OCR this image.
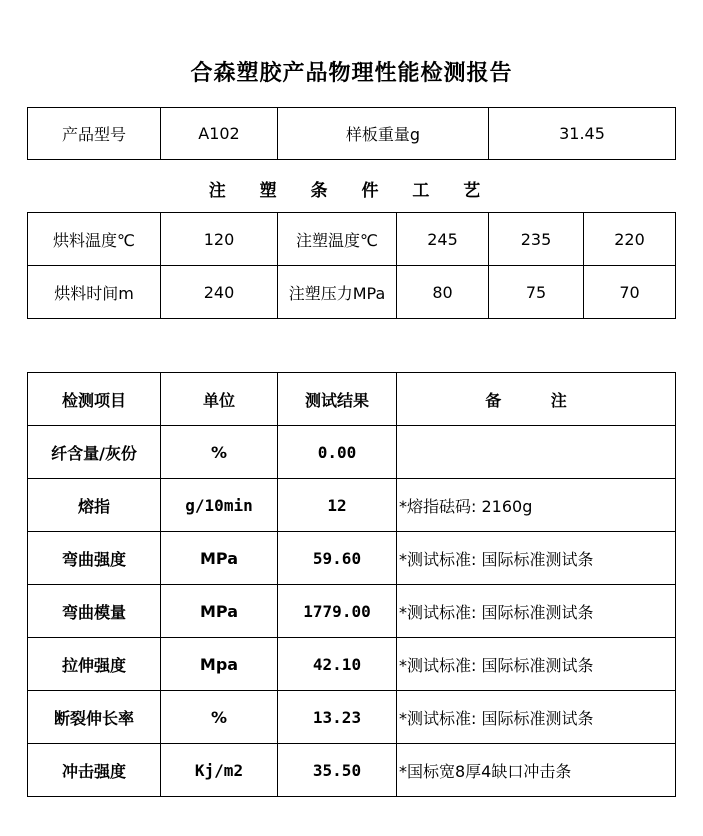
合森塑胶产品物理性能检测报告
产品型号	A102	样板重量g	31.45
注 塑 条 件 工 艺
烘料温度℃	120	注塑温度℃	245	235	220
烘料时间m	240	注塑压力MPa	80	75	70
检测项目	单位	测试结果	备 注
纤含量/灰份	%	0.00	
熔指	g/10min	12	*熔指砝码: 2160g
弯曲强度	MPa	59.60	*测试标准: 国际标准测试条
弯曲模量	MPa	1779.00	*测试标准: 国际标准测试条
拉伸强度	Mpa	42.10	*测试标准: 国际标准测试条
断裂伸长率	%	13.23	*测试标准: 国际标准测试条
冲击强度	Kj/m2	35.50	*国标宽8厚4缺口冲击条
